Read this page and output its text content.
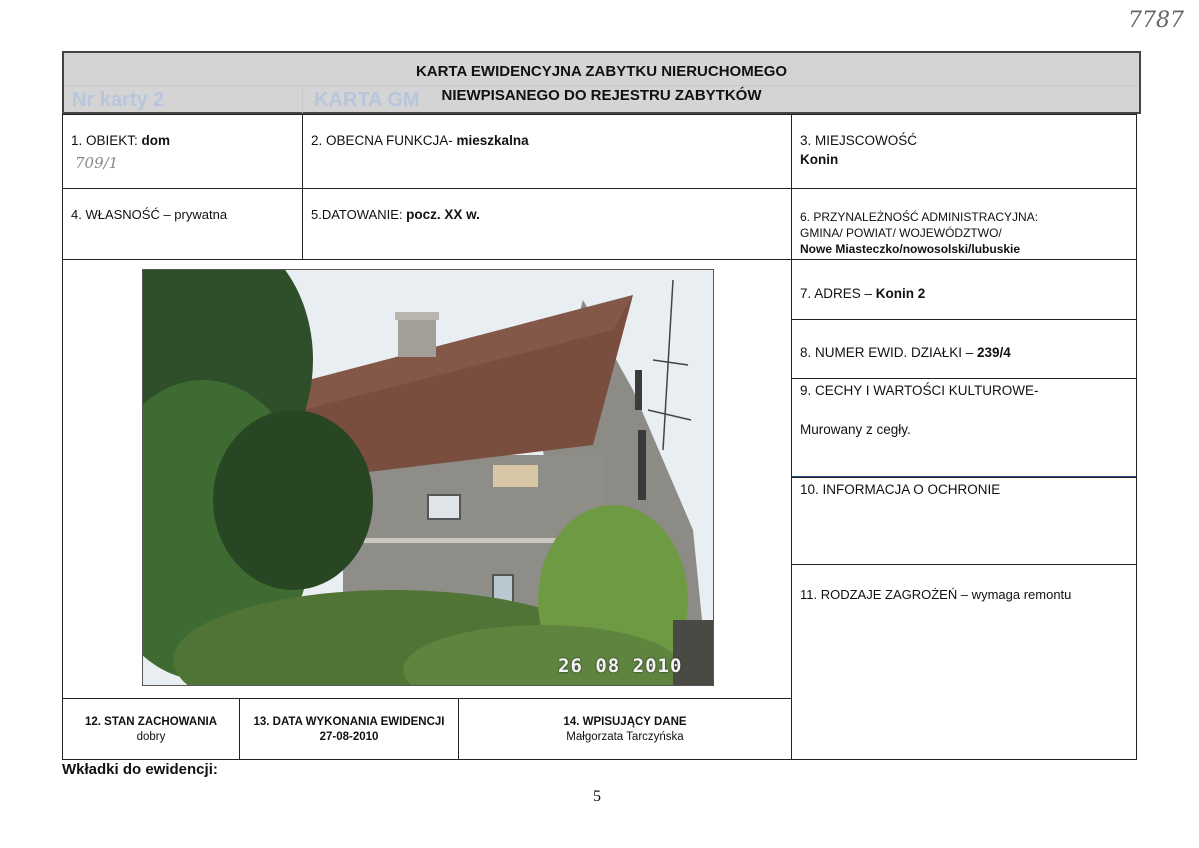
7787
Nr karty 2	KARTA GM
KARTA EWIDENCYJNA ZABYTKU NIERUCHOMEGO
NIEWPISANEGO DO REJESTRU ZABYTKÓW
1. OBIEKT: dom
709/1
2. OBECNA FUNKCJA- mieszkalna	3. MIEJSCOWOŚĆ
Konin
4. WŁASNOŚĆ – prywatna	5.DATOWANIE: pocz. XX w.	6. PRZYNALEŻNOŚĆ ADMINISTRACYJNA:
GMINA/ POWIAT/ WOJEWÓDZTWO/
Nowe Miasteczko/nowosolski/lubuskie
7. ADRES – Konin 2
8. NUMER EWID. DZIAŁKI – 239/4
9. CECHY I WARTOŚCI KULTUROWE-
Murowany z cegły.
10. INFORMACJA O OCHRONIE
11. RODZAJE ZAGROŻEŃ – wymaga remontu
26 08 2010
12. STAN ZACHOWANIA
dobry
13. DATA WYKONANIA EWIDENCJI
27-08-2010
14. WPISUJĄCY DANE
Małgorzata Tarczyńska
Wkładki do ewidencji:
5
